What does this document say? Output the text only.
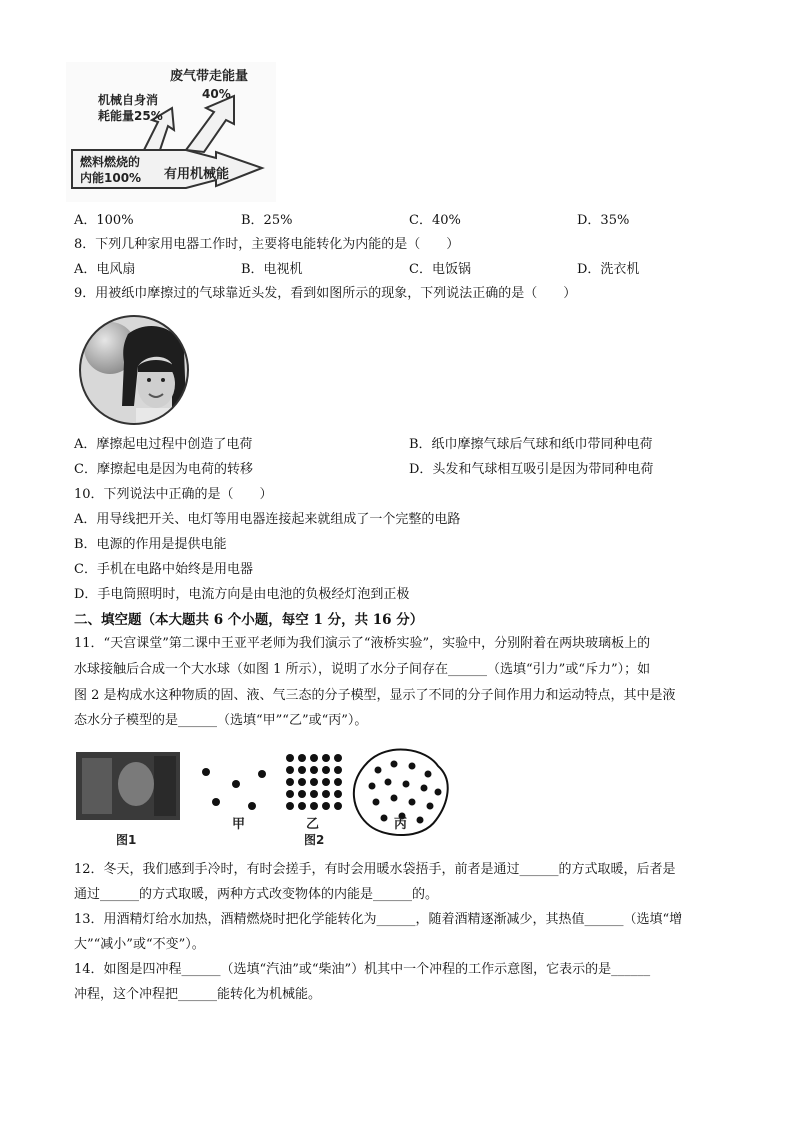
废气带走能量
40%
机械自身消
耗能量25%
燃料燃烧的
内能100% 有用机械能
A．100%	B．25%	C．40%	D．35%
8．下列几种家用电器工作时，主要将电能转化为内能的是（　　）
A．电风扇	B．电视机	C．电饭锅	D．洗衣机
9．用被纸巾摩擦过的气球靠近头发，看到如图所示的现象，下列说法正确的是（　　）
A．摩擦起电过程中创造了电荷	B．纸巾摩擦气球后气球和纸巾带同种电荷
C．摩擦起电是因为电荷的转移	D．头发和气球相互吸引是因为带同种电荷
10．下列说法中正确的是（　　）
A．用导线把开关、电灯等用电器连接起来就组成了一个完整的电路
B．电源的作用是提供电能
C．手机在电路中始终是用电器
D．手电筒照明时，电流方向是由电池的负极经灯泡到正极
二、填空题（本大题共 6 个小题，每空 1 分，共 16 分）
11．“天宫课堂”第二课中王亚平老师为我们演示了“液桥实验”，实验中，分别附着在两块玻璃板上的
水球接触后合成一个大水球（如图 1 所示），说明了水分子间存在______（选填“引力”或“斥力”）；如
图 2 是构成水这种物质的固、液、气三态的分子模型，显示了不同的分子间作用力和运动特点，其中是液
态水分子模型的是______（选填“甲”“乙”或“丙”）。
图1
甲	乙
图2
丙
12．冬天，我们感到手冷时，有时会搓手，有时会用暖水袋捂手，前者是通过______的方式取暖，后者是
通过______的方式取暖，两种方式改变物体的内能是______的。
13．用酒精灯给水加热，酒精燃烧时把化学能转化为______，随着酒精逐渐减少，其热值______（选填“增
大”“减小”或“不变”）。
14．如图是四冲程______（选填“汽油”或“柴油”）机其中一个冲程的工作示意图，它表示的是______
冲程，这个冲程把______能转化为机械能。
